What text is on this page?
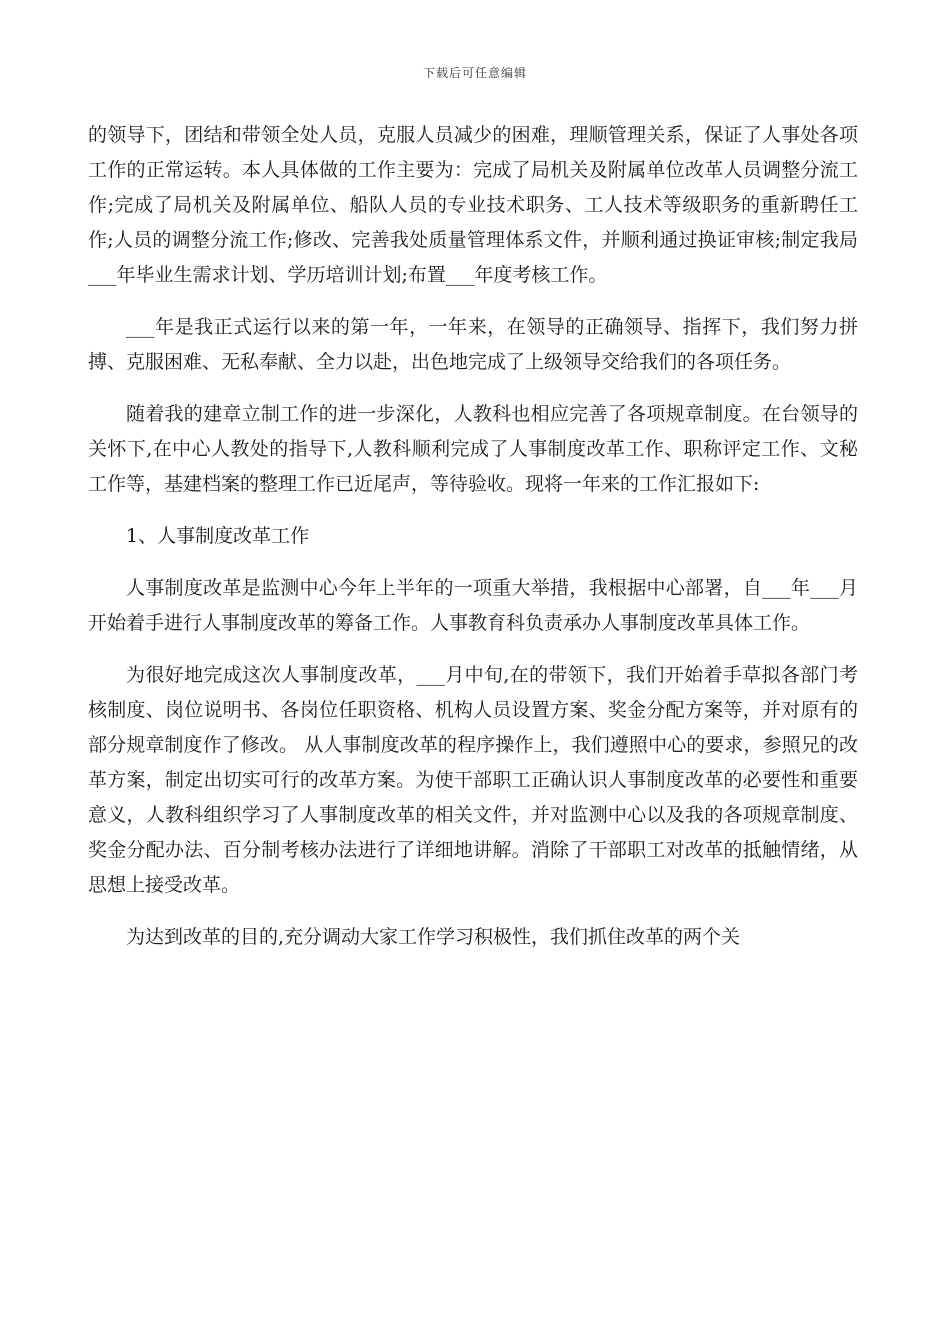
下载后可任意编辑

的领导下，团结和带领全处人员，克服人员减少的困难，理顺管理关系，保证了人事处各项工作的正常运转。本人具体做的工作主要为：完成了局机关及附属单位改革人员调整分流工作;完成了局机关及附属单位、船队人员的专业技术职务、工人技术等级职务的重新聘任工作;人员的调整分流工作;修改、完善我处质量管理体系文件，并顺利通过换证审核;制定我局___年毕业生需求计划、学历培训计划;布置___年度考核工作。

___年是我正式运行以来的第一年，一年来，在领导的正确领导、指挥下，我们努力拼搏、克服困难、无私奉献、全力以赴，出色地完成了上级领导交给我们的各项任务。

随着我的建章立制工作的进一步深化，人教科也相应完善了各项规章制度。在台领导的关怀下,在中心人教处的指导下,人教科顺利完成了人事制度改革工作、职称评定工作、文秘工作等，基建档案的整理工作已近尾声，等待验收。现将一年来的工作汇报如下:

1、人事制度改革工作

人事制度改革是监测中心今年上半年的一项重大举措，我根据中心部署，自___年___月开始着手进行人事制度改革的筹备工作。人事教育科负责承办人事制度改革具体工作。

为很好地完成这次人事制度改革，___月中旬,在的带领下，我们开始着手草拟各部门考核制度、岗位说明书、各岗位任职资格、机构人员设置方案、奖金分配方案等，并对原有的部分规章制度作了修改。 从人事制度改革的程序操作上，我们遵照中心的要求，参照兄的改革方案，制定出切实可行的改革方案。为使干部职工正确认识人事制度改革的必要性和重要意义，人教科组织学习了人事制度改革的相关文件，并对监测中心以及我的各项规章制度、奖金分配办法、百分制考核办法进行了详细地讲解。消除了干部职工对改革的抵触情绪，从思想上接受改革。

为达到改革的目的,充分调动大家工作学习积极性，我们抓住改革的两个关
